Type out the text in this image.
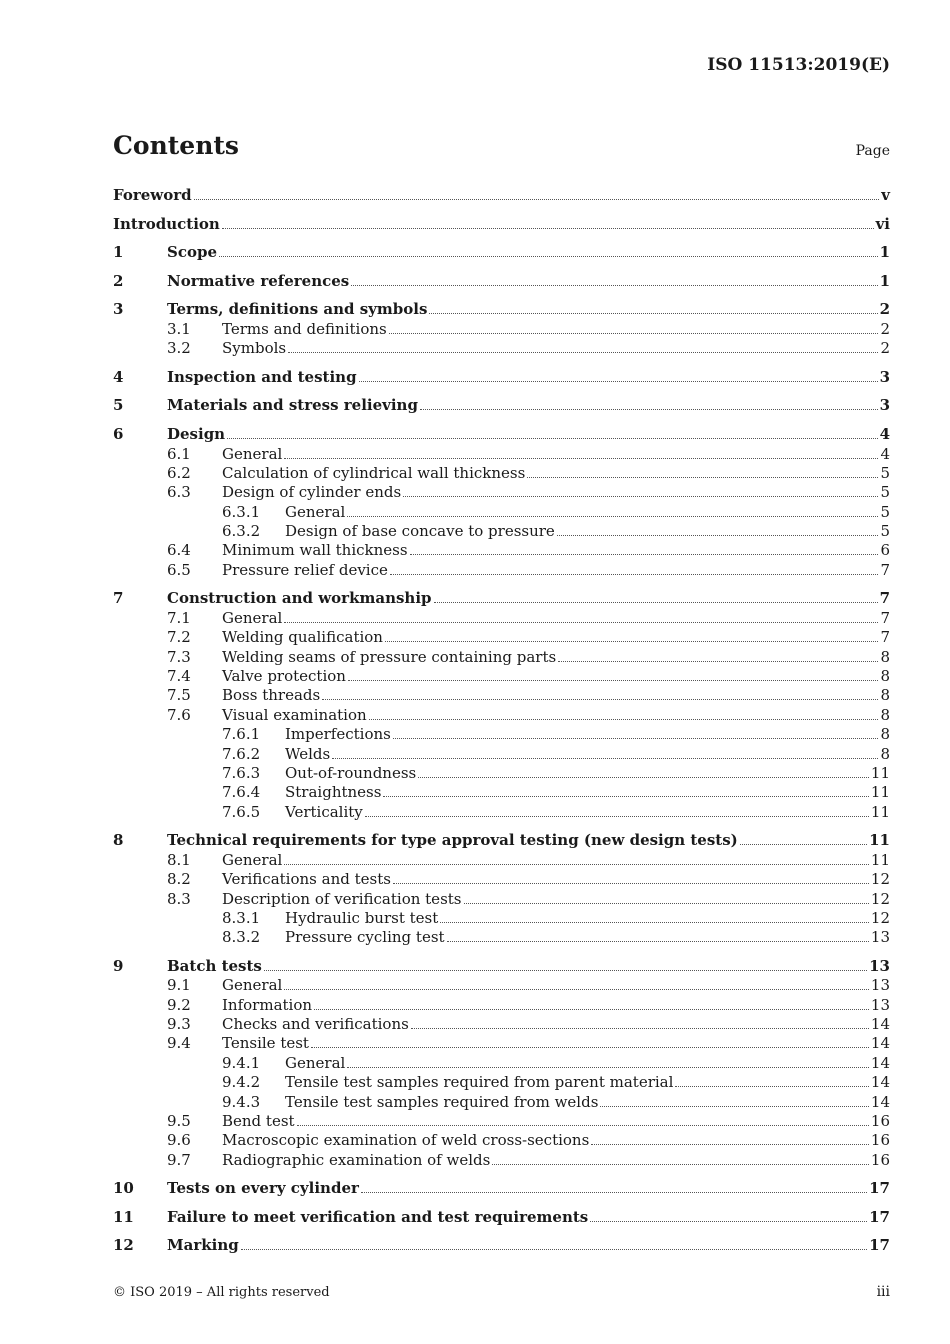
ISO 11513:2019(E)
Contents	Page
Foreword	v
Introduction	vi
1	Scope	1
2	Normative references	1
3	Terms, definitions and symbols	2
3.1 Terms and definitions	2
3.2 Symbols	2
4	Inspection and testing	3
5	Materials and stress relieving	3
6	Design	4
6.1 General	4
6.2 Calculation of cylindrical wall thickness	5
6.3 Design of cylinder ends	5
6.3.1 General	5
6.3.2 Design of base concave to pressure	5
6.4 Minimum wall thickness	6
6.5 Pressure relief device	7
7	Construction and workmanship	7
7.1 General	7
7.2 Welding qualification	7
7.3 Welding seams of pressure containing parts	8
7.4 Valve protection	8
7.5 Boss threads	8
7.6 Visual examination	8
7.6.1 Imperfections	8
7.6.2 Welds	8
7.6.3 Out-of-roundness	11
7.6.4 Straightness	11
7.6.5 Verticality	11
8	Technical requirements for type approval testing (new design tests)	11
8.1 General	11
8.2 Verifications and tests	12
8.3 Description of verification tests	12
8.3.1 Hydraulic burst test	12
8.3.2 Pressure cycling test	13
9	Batch tests	13
9.1 General	13
9.2 Information	13
9.3 Checks and verifications	14
9.4 Tensile test	14
9.4.1 General	14
9.4.2 Tensile test samples required from parent material	14
9.4.3 Tensile test samples required from welds	14
9.5 Bend test	16
9.6 Macroscopic examination of weld cross-sections	16
9.7 Radiographic examination of welds	16
10 Tests on every cylinder	17
11 Failure to meet verification and test requirements	17
12 Marking	17
© ISO 2019 – All rights reserved	iii
